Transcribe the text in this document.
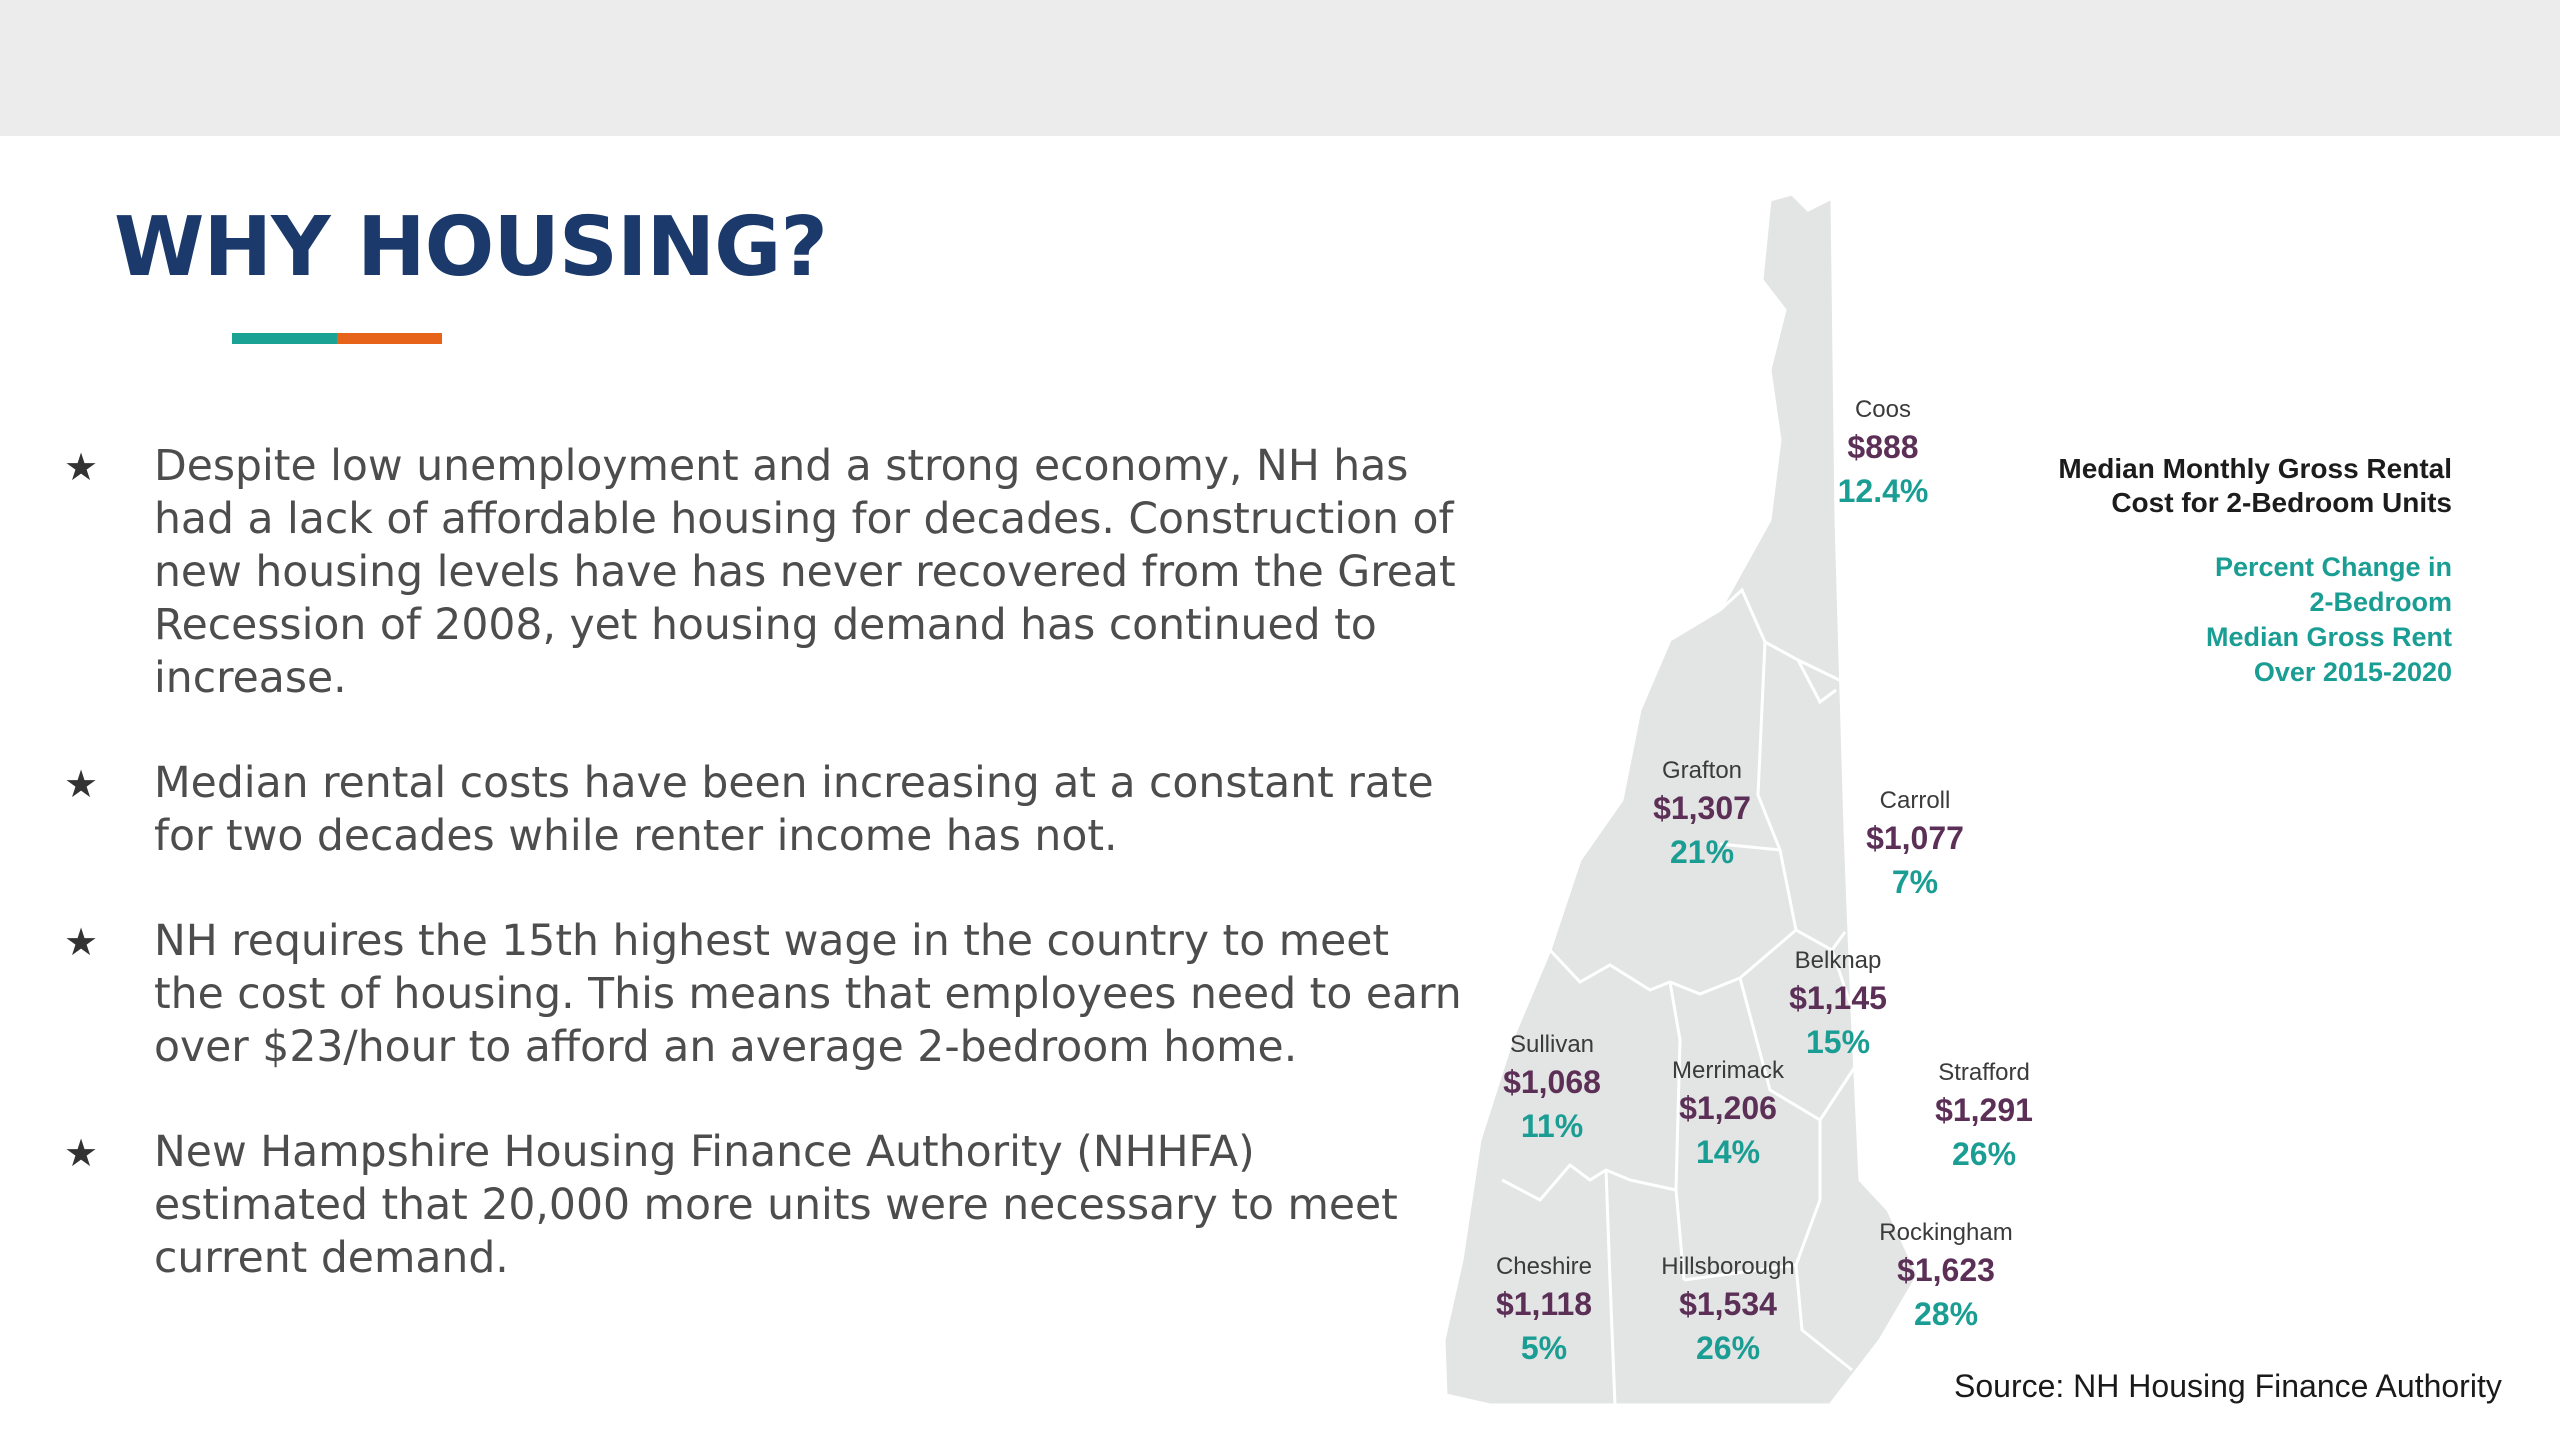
WHY HOUSING?
★ Despite low unemployment and a strong economy, NH has had a lack of affordable housing for decades. Construction of new housing levels have has never recovered from the Great Recession of 2008, yet housing demand has continued to increase.
★ Median rental costs have been increasing at a constant rate for two decades while renter income has not.
★ NH requires the 15th highest wage in the country to meet the cost of housing. This means that employees need to earn over $23/hour to afford an average 2-bedroom home.
★ New Hampshire Housing Finance Authority (NHHFA) estimated that 20,000 more units were necessary to meet current demand.
Coos
$888
12.4%
Grafton
$1,307
21%
Carroll
$1,077
7%
Belknap
$1,145
15%
Sullivan
$1,068
11%
Merrimack
$1,206
14%
Strafford
$1,291
26%
Rockingham
$1,623
28%
Cheshire
$1,118
5%
Hillsborough
$1,534
26%
Median Monthly Gross Rental
Cost for 2-Bedroom Units
Percent Change in
2-Bedroom
Median Gross Rent
Over 2015-2020
Source: NH Housing Finance Authority
